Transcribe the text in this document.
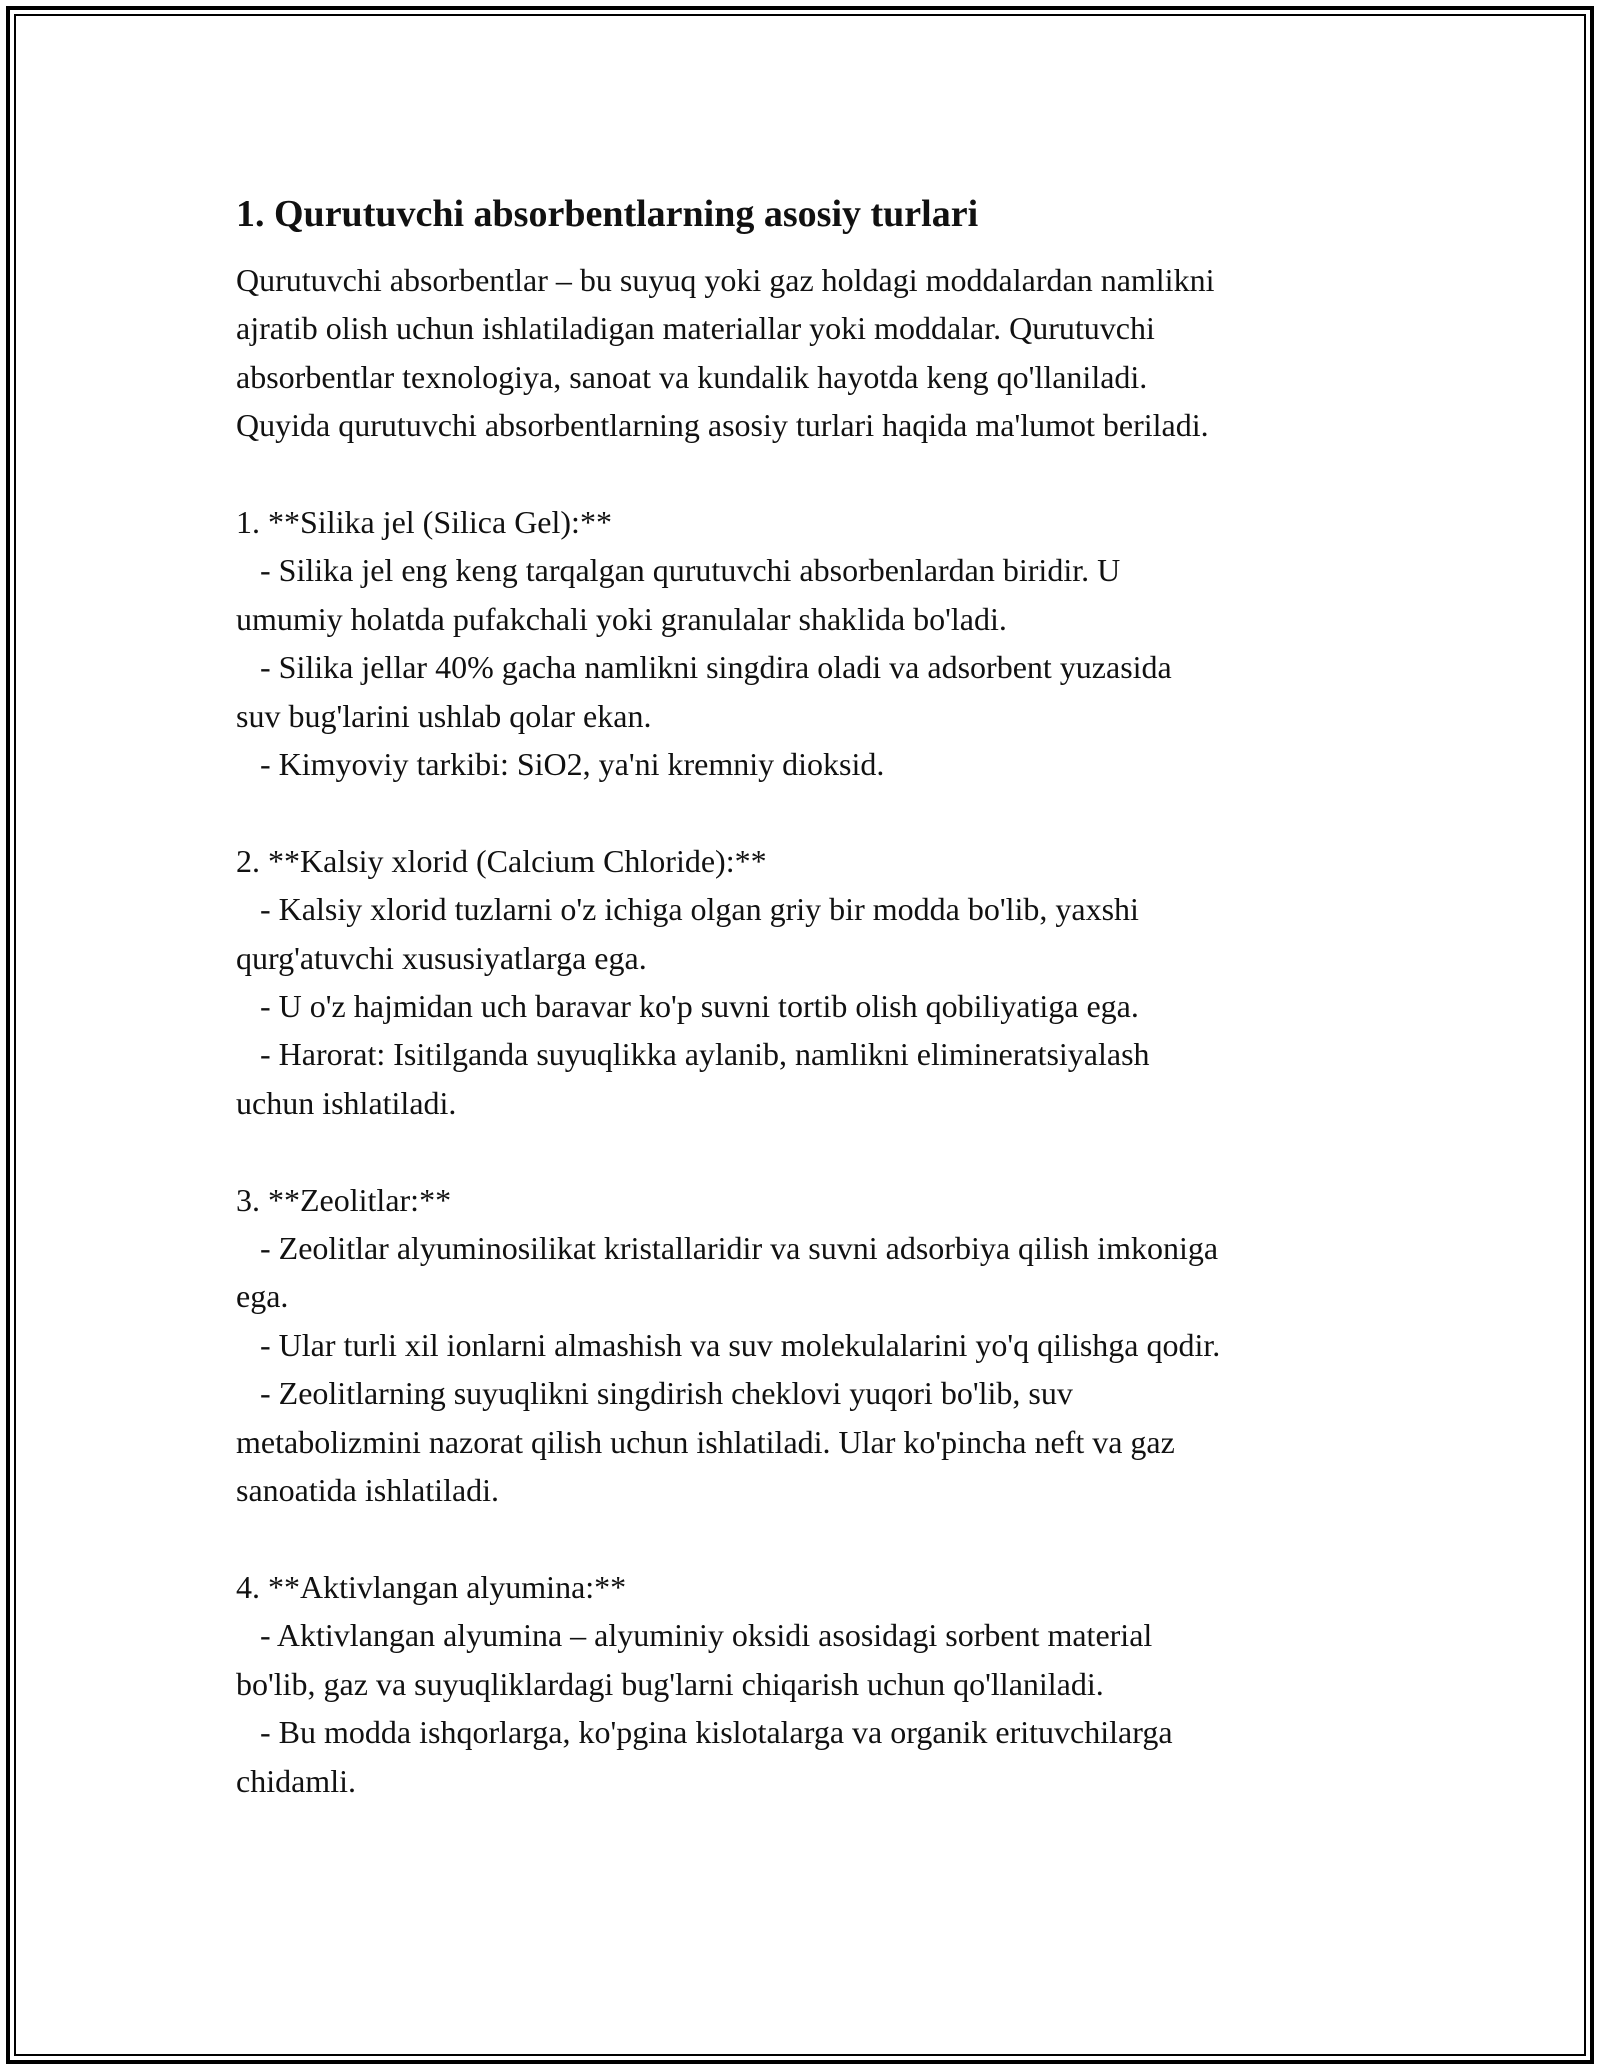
1. Qurutuvchi absorbentlarning asosiy turlari

Qurutuvchi absorbentlar – bu suyuq yoki gaz holdagi moddalardan namlikni
ajratib olish uchun ishlatiladigan materiallar yoki moddalar. Qurutuvchi
absorbentlar texnologiya, sanoat va kundalik hayotda keng qo'llaniladi.
Quyida qurutuvchi absorbentlarning asosiy turlari haqida ma'lumot beriladi.

1. **Silika jel (Silica Gel):**
- Silika jel eng keng tarqalgan qurutuvchi absorbenlardan biridir. U
umumiy holatda pufakchali yoki granulalar shaklida bo'ladi.
- Silika jellar 40% gacha namlikni singdira oladi va adsorbent yuzasida
suv bug'larini ushlab qolar ekan.
- Kimyoviy tarkibi: SiO2, ya'ni kremniy dioksid.

2. **Kalsiy xlorid (Calcium Chloride):**
- Kalsiy xlorid tuzlarni o'z ichiga olgan griy bir modda bo'lib, yaxshi
qurg'atuvchi xususiyatlarga ega.
- U o'z hajmidan uch baravar ko'p suvni tortib olish qobiliyatiga ega.
- Harorat: Isitilganda suyuqlikka aylanib, namlikni elimineratsiyalash
uchun ishlatiladi.

3. **Zeolitlar:**
- Zeolitlar alyuminosilikat kristallaridir va suvni adsorbiya qilish imkoniga
ega.
- Ular turli xil ionlarni almashish va suv molekulalarini yo'q qilishga qodir.
- Zeolitlarning suyuqlikni singdirish cheklovi yuqori bo'lib, suv
metabolizmini nazorat qilish uchun ishlatiladi. Ular ko'pincha neft va gaz
sanoatida ishlatiladi.

4. **Aktivlangan alyumina:**
- Aktivlangan alyumina – alyuminiy oksidi asosidagi sorbent material
bo'lib, gaz va suyuqliklardagi bug'larni chiqarish uchun qo'llaniladi.
- Bu modda ishqorlarga, ko'pgina kislotalarga va organik erituvchilarga
chidamli.
